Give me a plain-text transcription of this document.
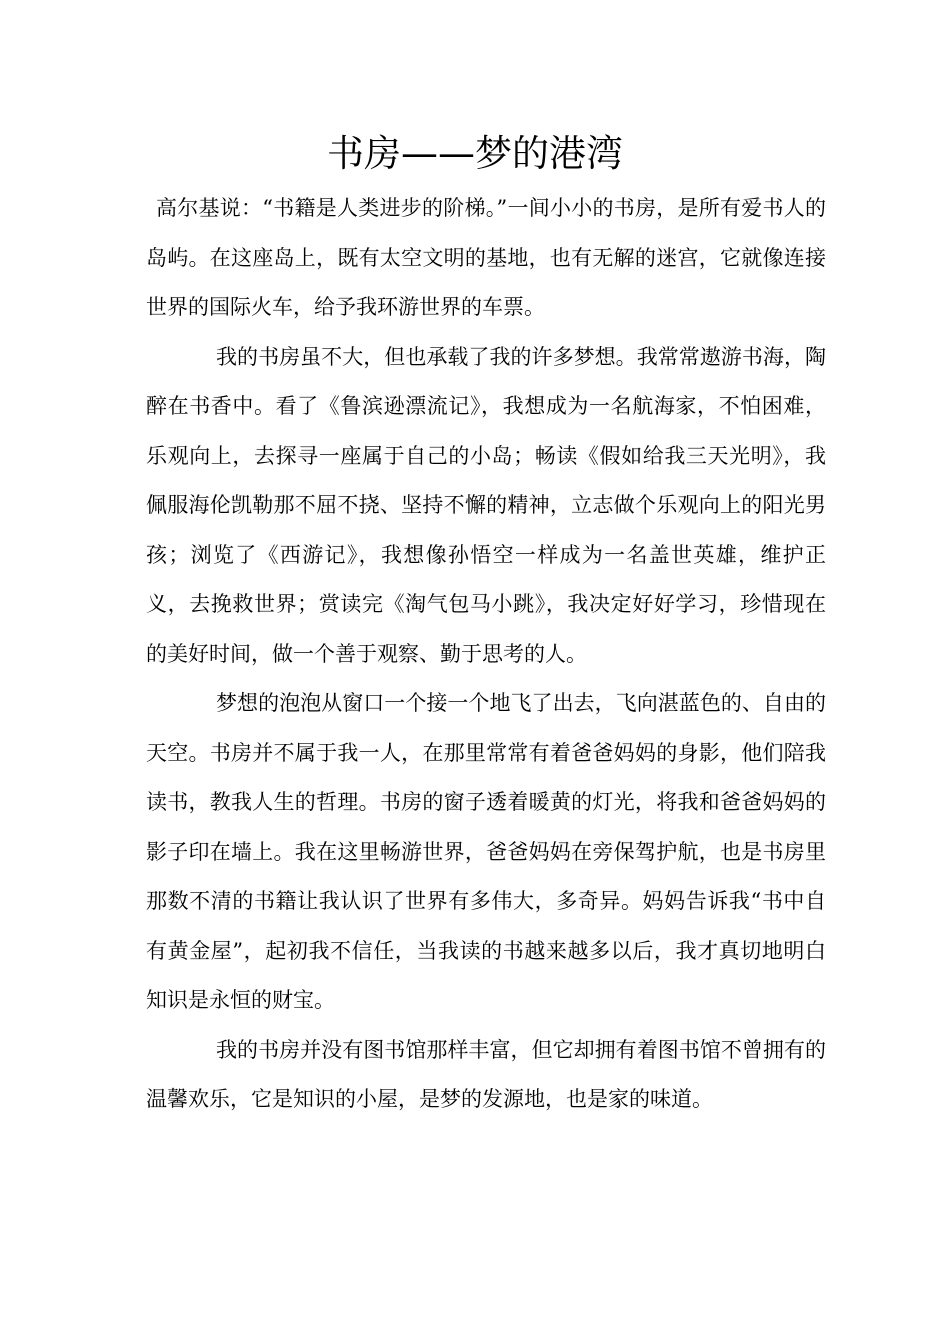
书房——梦的港湾

高尔基说：“书籍是人类进步的阶梯。”一间小小的书房，是所有爱书人的岛屿。在这座岛上，既有太空文明的基地，也有无解的迷宫，它就像连接世界的国际火车，给予我环游世界的车票。

我的书房虽不大，但也承载了我的许多梦想。我常常遨游书海，陶醉在书香中。看了《鲁滨逊漂流记》，我想成为一名航海家，不怕困难，乐观向上，去探寻一座属于自己的小岛；畅读《假如给我三天光明》，我佩服海伦凯勒那不屈不挠、坚持不懈的精神，立志做个乐观向上的阳光男孩；浏览了《西游记》，我想像孙悟空一样成为一名盖世英雄，维护正义，去挽救世界；赏读完《淘气包马小跳》，我决定好好学习，珍惜现在的美好时间，做一个善于观察、勤于思考的人。

梦想的泡泡从窗口一个接一个地飞了出去，飞向湛蓝色的、自由的天空。书房并不属于我一人，在那里常常有着爸爸妈妈的身影，他们陪我读书，教我人生的哲理。书房的窗子透着暖黄的灯光，将我和爸爸妈妈的影子印在墙上。我在这里畅游世界，爸爸妈妈在旁保驾护航，也是书房里那数不清的书籍让我认识了世界有多伟大，多奇异。妈妈告诉我“书中自有黄金屋”，起初我不信任，当我读的书越来越多以后，我才真切地明白知识是永恒的财宝。

我的书房并没有图书馆那样丰富，但它却拥有着图书馆不曾拥有的温馨欢乐，它是知识的小屋，是梦的发源地，也是家的味道。
